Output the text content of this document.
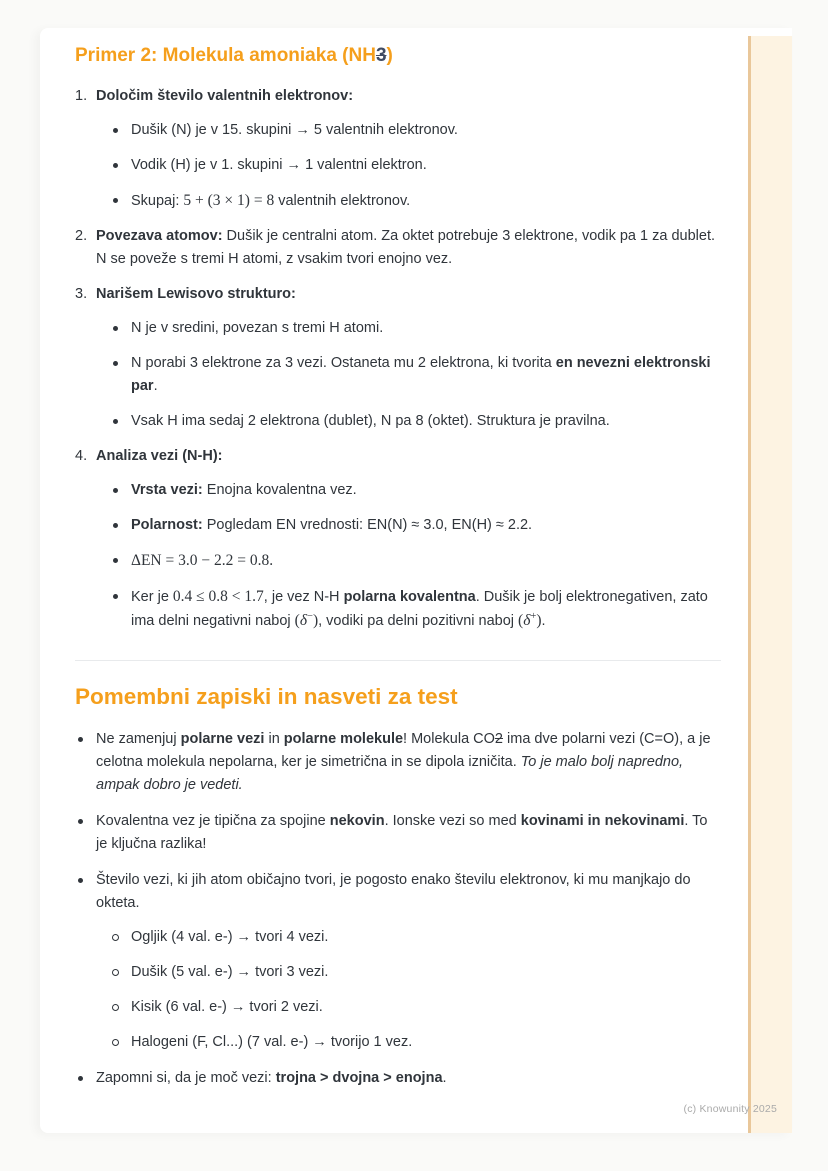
Primer 2: Molekula amoniaka (NH3)
Določim število valentnih elektronov:
Dušik (N) je v 15. skupini → 5 valentnih elektronov.
Vodik (H) je v 1. skupini → 1 valentni elektron.
Skupaj: 5 + (3 × 1) = 8 valentnih elektronov.
Povezava atomov: Dušik je centralni atom. Za oktet potrebuje 3 elektrone, vodik pa 1 za dublet. N se poveže s tremi H atomi, z vsakim tvori enojno vez.
Narišem Lewisovo strukturo:
N je v sredini, povezan s tremi H atomi.
N porabi 3 elektrone za 3 vezi. Ostaneta mu 2 elektrona, ki tvorita en nevezni elektronski par.
Vsak H ima sedaj 2 elektrona (dublet), N pa 8 (oktet). Struktura je pravilna.
Analiza vezi (N-H):
Vrsta vezi: Enojna kovalentna vez.
Polarnost: Pogledam EN vrednosti: EN(N) ≈ 3.0, EN(H) ≈ 2.2.
ΔEN = 3.0 − 2.2 = 0.8.
Ker je 0.4 ≤ 0.8 < 1.7, je vez N-H polarna kovalentna. Dušik je bolj elektronegativen, zato ima delni negativni naboj (δ−), vodiki pa delni pozitivni naboj (δ+).
Pomembni zapiski in nasveti za test
Ne zamenjuj polarne vezi in polarne molekule! Molekula CO2 ima dve polarni vezi (C=O), a je celotna molekula nepolarna, ker je simetrična in se dipola izničita. To je malo bolj napredno, ampak dobro je vedeti.
Kovalentna vez je tipična za spojine nekovin. Ionske vezi so med kovinami in nekovinami. To je ključna razlika!
Število vezi, ki jih atom običajno tvori, je pogosto enako številu elektronov, ki mu manjkajo do okteta.
Ogljik (4 val. e-) → tvori 4 vezi.
Dušik (5 val. e-) → tvori 3 vezi.
Kisik (6 val. e-) → tvori 2 vezi.
Halogeni (F, Cl...) (7 val. e-) → tvorijo 1 vez.
Zapomni si, da je moč vezi: trojna > dvojna > enojna.
(c) Knowunity 2025
